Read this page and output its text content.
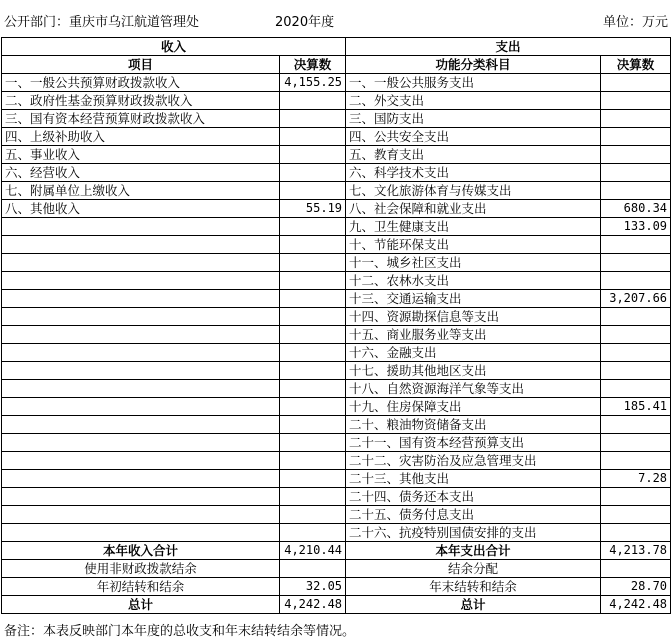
公开部门：重庆市乌江航道管理处	2020年度	单位：万元
收入		支出	
项目	决算数	功能分类科目	决算数
一、一般公共预算财政拨款收入	4,155.25	一、一般公共服务支出	
二、政府性基金预算财政拨款收入		二、外交支出	
三、国有资本经营预算财政拨款收入		三、国防支出	
四、上级补助收入		四、公共安全支出	
五、事业收入		五、教育支出	
六、经营收入		六、科学技术支出	
七、附属单位上缴收入		七、文化旅游体育与传媒支出	
八、其他收入	55.19	八、社会保障和就业支出	680.34
		九、卫生健康支出	133.09
		十、节能环保支出	
		十一、城乡社区支出	
		十二、农林水支出	
		十三、交通运输支出	3,207.66
		十四、资源勘探信息等支出	
		十五、商业服务业等支出	
		十六、金融支出	
		十七、援助其他地区支出	
		十八、自然资源海洋气象等支出	
		十九、住房保障支出	185.41
		二十、粮油物资储备支出	
		二十一、国有资本经营预算支出	
		二十二、灾害防治及应急管理支出	
		二十三、其他支出	7.28
		二十四、债务还本支出	
		二十五、债务付息支出	
		二十六、抗疫特别国债安排的支出	
本年收入合计	4,210.44	本年支出合计	4,213.78
使用非财政拨款结余		结余分配	
年初结转和结余	32.05	年末结转和结余	28.70
总计	4,242.48	总计	4,242.48
备注：本表反映部门本年度的总收支和年末结转结余等情况。
